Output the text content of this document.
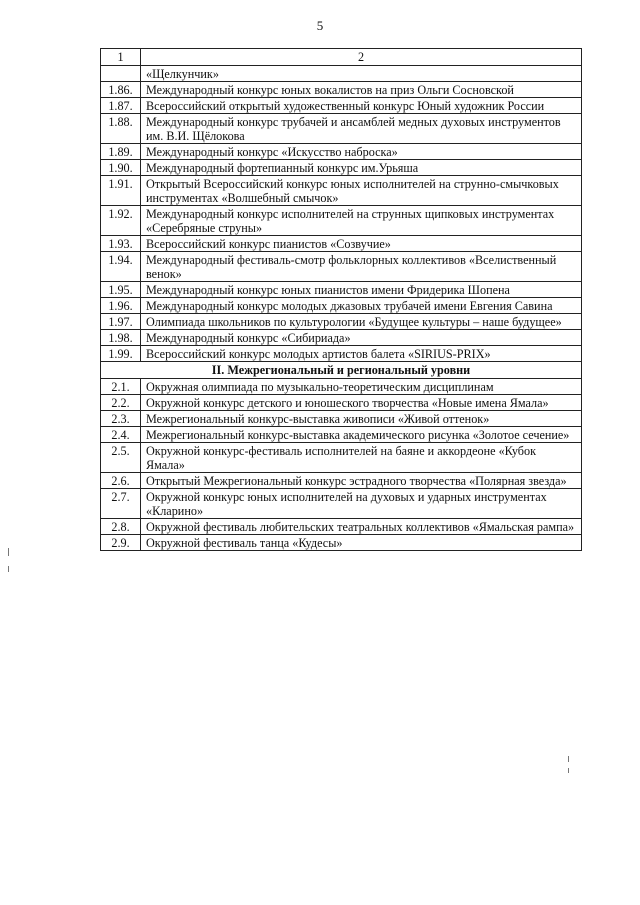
5
1	2
	«Щелкунчик»
1.86.	Международный конкурс юных вокалистов на приз Ольги Сосновской
1.87.	Всероссийский открытый художественный конкурс Юный художник России
1.88.	Международный конкурс трубачей и ансамблей медных духовых инструментов им. В.И. Щёлокова
1.89.	Международный конкурс «Искусство наброска»
1.90.	Международный фортепианный конкурс им.Урьяша
1.91.	Открытый Всероссийский конкурс юных исполнителей на струнно-смычковых инструментах «Волшебный смычок»
1.92.	Международный конкурс исполнителей на струнных щипковых инструментах «Серебряные струны»
1.93.	Всероссийский конкурс пианистов «Созвучие»
1.94.	Международный фестиваль-смотр фольклорных коллективов «Вселиственный венок»
1.95.	Международный конкурс юных пианистов имени Фридерика Шопена
1.96.	Международный конкурс молодых джазовых трубачей имени Евгения Савина
1.97.	Олимпиада школьников по культурологии «Будущее культуры – наше будущее»
1.98.	Международный конкурс «Сибириада»
1.99.	Всероссийский конкурс молодых артистов балета «SIRIUS-PRIX»
II. Межрегиональный и региональный уровни	
2.1.	Окружная олимпиада по музыкально-теоретическим дисциплинам
2.2.	Окружной конкурс детского и юношеского творчества «Новые имена Ямала»
2.3.	Межрегиональный конкурс-выставка живописи «Живой оттенок»
2.4.	Межрегиональный конкурс-выставка академического рисунка «Золотое сечение»
2.5.	Окружной конкурс-фестиваль исполнителей на баяне и аккордеоне «Кубок Ямала»
2.6.	Открытый Межрегиональный конкурс эстрадного творчества «Полярная звезда»
2.7.	Окружной конкурс юных исполнителей на духовых и ударных инструментах «Кларино»
2.8.	Окружной фестиваль любительских театральных коллективов «Ямальская рампа»
2.9.	Окружной фестиваль танца «Кудесы»
